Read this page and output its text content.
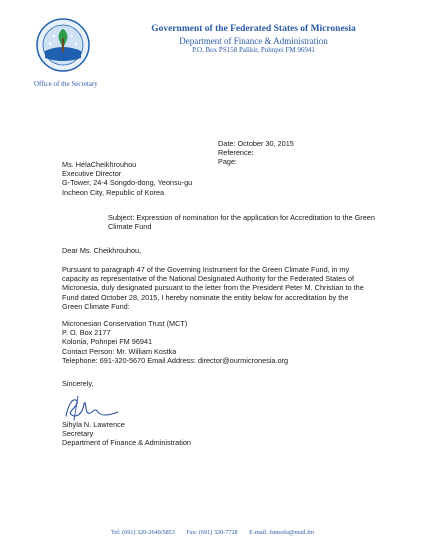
Office of the Secretary
Government of the Federated States of Micronesia
Department of Finance & Administration
P.O. Box PS158 Palikir, Pohnpei FM 96941
Date: October 30, 2015
Reference:
Page:
Ms. HélaCheikhrouhou
Executive Director
G-Tower, 24-4 Songdo-dong, Yeonsu-gu
Incheon City, Republic of Korea
Subject: Expression of nomination for the application for Accreditation to the Green Climate Fund
Dear Ms. Cheikhrouhou,
Pursuant to paragraph 47 of the Governing Instrument for the Green Climate Fund, in my capacity as representative of the National Designated Authority for the Federated States of Micronesia, duly designated pursuant to the letter from the President Peter M. Christian to the Fund dated October 28, 2015, I hereby nominate the entity below for accreditation by the Green Climate Fund:
Micronesian Conservation Trust (MCT)
P. O. Box 2177
Kolonia, Pohnpei FM 96941
Contact Person: Mr. William Kostka
Telephone: 691-320-5670 Email Address: director@ourmicronesia.org
Sincerely,
Sihyla N. Lawrence
Secretary
Department of Finance & Administration
Tel: (691) 320-2640/5853 Fax: (691) 320-7728 E-mail: fsmsofa@mail.fm
